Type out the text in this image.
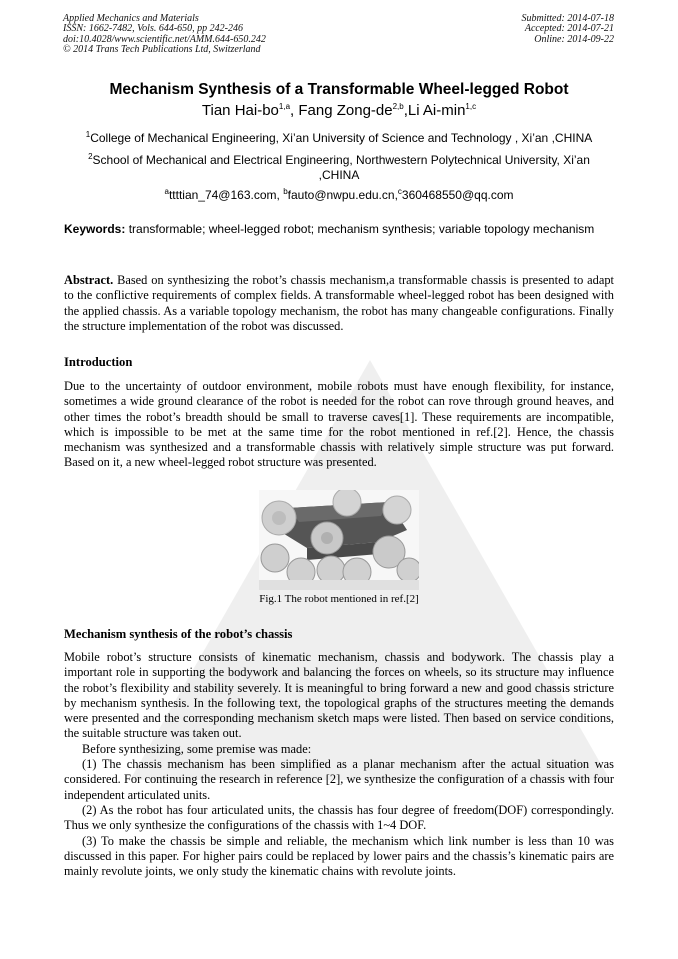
Applied Mechanics and Materials
ISSN: 1662-7482, Vols. 644-650, pp 242-246
doi:10.4028/www.scientific.net/AMM.644-650.242
© 2014 Trans Tech Publications Ltd, Switzerland
Submitted: 2014-07-18
Accepted: 2014-07-21
Online: 2014-09-22
Mechanism Synthesis of a Transformable Wheel-legged Robot
Tian Hai-bo$^{1,a}$, Fang Zong-de$^{2,b}$,Li $Ai-\min^{1,c}$
$^1$College of Mechanical Engineering, Xi’an University of Science and Technology , Xi’an ,CHINA
$^2$School of Mechanical and Electrical Engineering, Northwestern Polytechnical University, Xi’an ,CHINA
$^a$ttttian_74@163.com, $^b$fauto@nwpu.edu.cn,$^c$360468550@qq.com
Keywords: transformable; wheel-legged robot; mechanism synthesis; variable topology mechanism
Abstract. Based on synthesizing the robot’s chassis mechanism,a transformable chassis is presented to adapt to the conflictive requirements of complex fields. A transformable wheel-legged robot has been designed with the applied chassis. As a variable topology mechanism, the robot has many changeable configurations. Finally the structure implementation of the robot was discussed.
Introduction
Due to the uncertainty of outdoor environment, mobile robots must have enough flexibility, for instance, sometimes a wide ground clearance of the robot is needed for the robot can rove through ground heaves, and other times the robot’s breadth should be small to traverse caves[1]. These requirements are incompatible, which is impossible to be met at the same time for the robot mentioned in ref.[2]. Hence, the chassis mechanism was synthesized and a transformable chassis with relatively simple structure was put forward. Based on it, a new wheel-legged robot structure was presented.
Fig.1 The robot mentioned in ref.[2]
Mechanism synthesis of the robot’s chassis
Mobile robot’s structure consists of kinematic mechanism, chassis and bodywork. The chassis play a important role in supporting the bodywork and balancing the forces on wheels, so its structure may influence the robot’s flexibility and stability severely. It is meaningful to bring forward a new and good chassis stricture by mechanism synthesis. In the following text, the topological graphs of the structures meeting the demands were presented and the corresponding mechanism sketch maps were listed. Then based on service conditions, the suitable structure was taken out.
Before synthesizing, some premise was made:
(1) The chassis mechanism has been simplified as a planar mechanism after the actual situation was considered. For continuing the research in reference [2], we synthesize the configuration of a chassis with four independent articulated units.
(2) As the robot has four articulated units, the chassis has four degree of freedom(DOF) correspondingly. Thus we only synthesize the configurations of the chassis with 1~4 DOF.
(3) To make the chassis be simple and reliable, the mechanism which link number is less than 10 was discussed in this paper. For higher pairs could be replaced by lower pairs and the chassis’s kinematic pairs are mainly revolute joints, we only study the kinematic chains with revolute joints.
